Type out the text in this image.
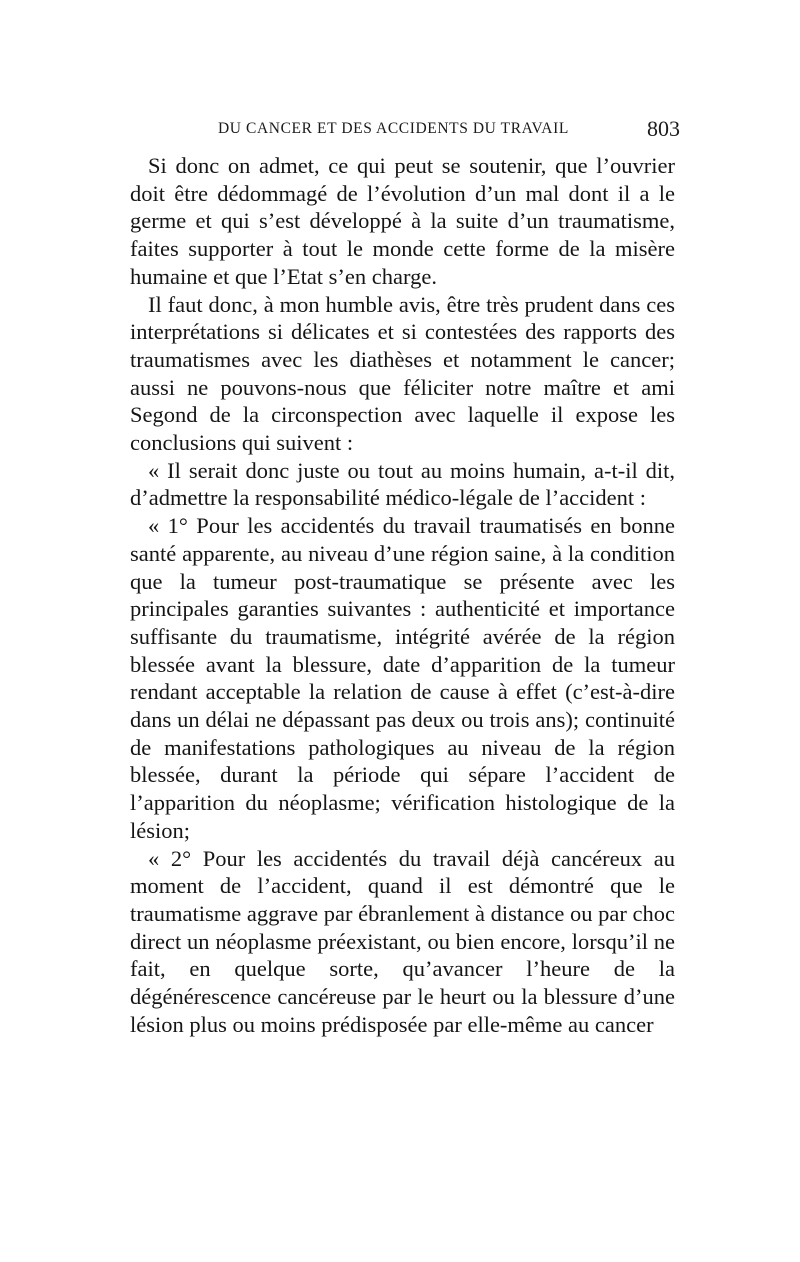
DU CANCER ET DES ACCIDENTS DU TRAVAIL	803

Si donc on admet, ce qui peut se soutenir, que l’ouvrier doit être dédommagé de l’évolution d’un mal dont il a le germe et qui s’est développé à la suite d’un traumatisme, faites supporter à tout le monde cette forme de la misère humaine et que l’Etat s’en charge.

Il faut donc, à mon humble avis, être très prudent dans ces interprétations si délicates et si contestées des rapports des traumatismes avec les diathèses et notamment le cancer; aussi ne pouvons-nous que féliciter notre maître et ami Segond de la circonspection avec laquelle il expose les conclusions qui suivent :

« Il serait donc juste ou tout au moins humain, a-t-il dit, d’admettre la responsabilité médico-légale de l’accident :

« 1° Pour les accidentés du travail traumatisés en bonne santé apparente, au niveau d’une région saine, à la condition que la tumeur post-traumatique se présente avec les principales garanties suivantes : authenticité et importance suffisante du traumatisme, intégrité avérée de la région blessée avant la blessure, date d’apparition de la tumeur rendant acceptable la relation de cause à effet (c’est-à-dire dans un délai ne dépassant pas deux ou trois ans); continuité de manifestations pathologiques au niveau de la région blessée, durant la période qui sépare l’accident de l’apparition du néoplasme; vérification histologique de la lésion;

« 2° Pour les accidentés du travail déjà cancéreux au moment de l’accident, quand il est démontré que le traumatisme aggrave par ébranlement à distance ou par choc direct un néoplasme préexistant, ou bien encore, lorsqu’il ne fait, en quelque sorte, qu’avancer l’heure de la dégénérescence cancéreuse par le heurt ou la blessure d’une lésion plus ou moins prédisposée par elle-même au cancer
